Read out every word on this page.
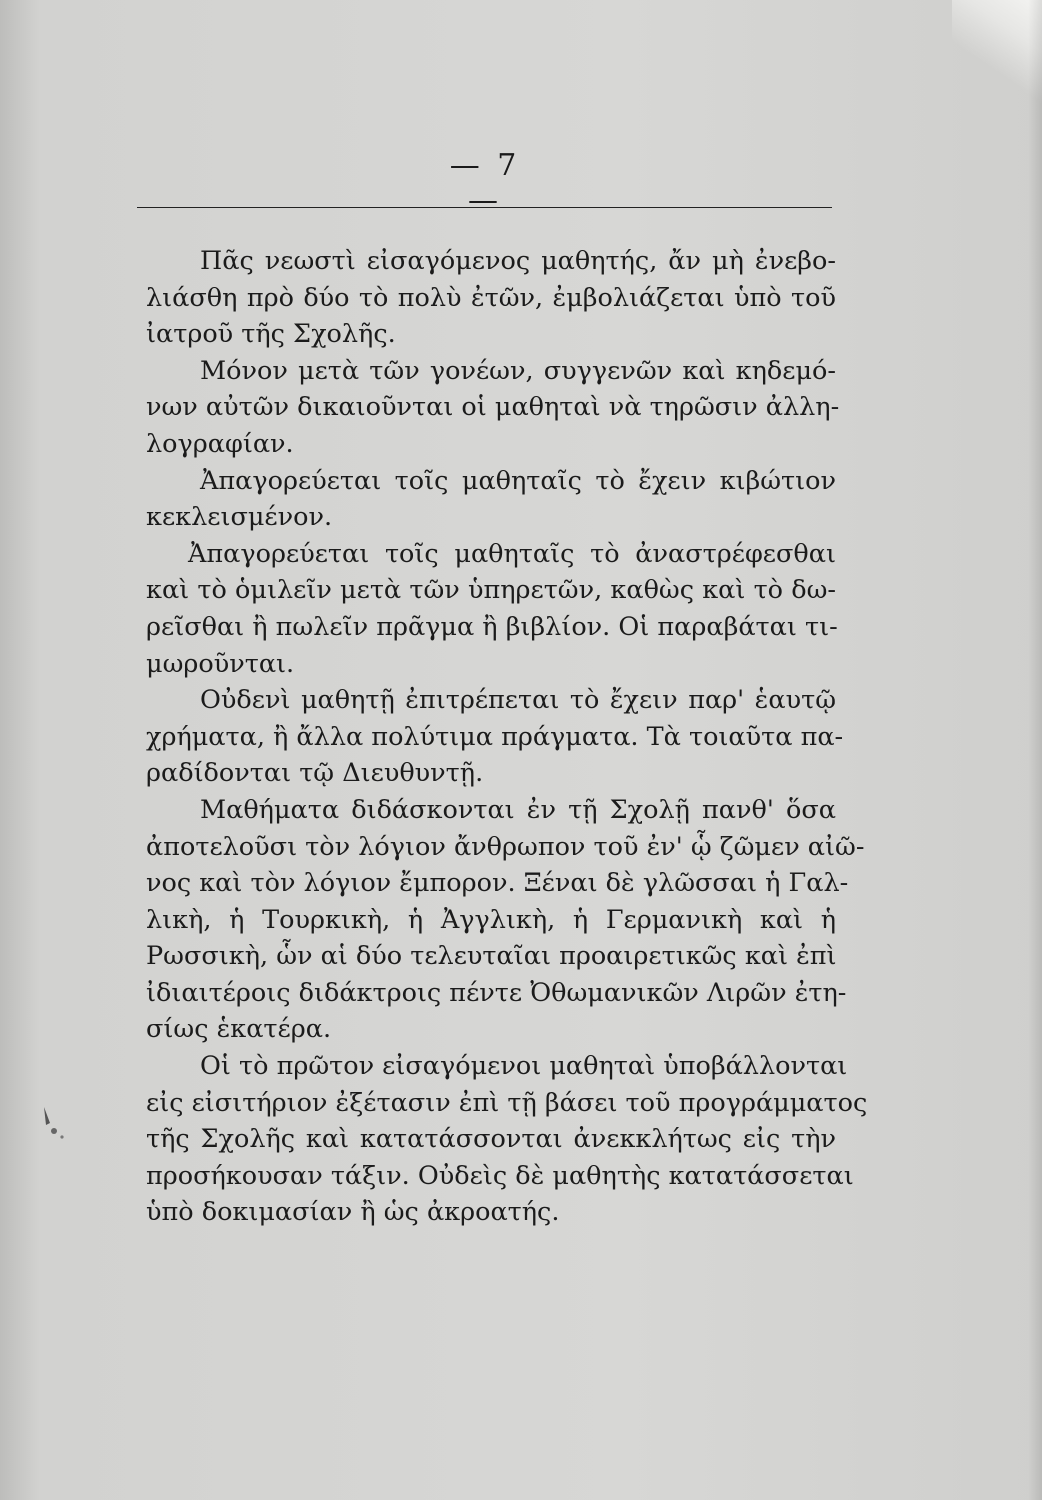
— 7 —
Πᾶς νεωστὶ εἰσαγόμενος μαθητής, ἄν μὴ ἐνεβο-
λιάσθη πρὸ δύο τὸ πολὺ ἐτῶν, ἐμβολιάζεται ὑπὸ τοῦ
ἰατροῦ τῆς Σχολῆς.
Μόνον μετὰ τῶν γονέων, συγγενῶν καὶ κηδεμό-
νων αὐτῶν δικαιοῦνται οἱ μαθηταὶ νὰ τηρῶσιν ἀλλη-
λογραφίαν.
Ἀπαγορεύεται τοῖς μαθηταῖς τὸ ἔχειν κιβώτιον
κεκλεισμένον.
Ἀπαγορεύεται τοῖς μαθηταῖς τὸ ἀναστρέφεσθαι
καὶ τὸ ὁμιλεῖν μετὰ τῶν ὑπηρετῶν, καθὼς καὶ τὸ δω-
ρεῖσθαι ἢ πωλεῖν πρᾶγμα ἢ βιβλίον. Οἱ παραβάται τι-
μωροῦνται.
Οὐδενὶ μαθητῇ ἐπιτρέπεται τὸ ἔχειν παρ' ἑαυτῷ
χρήματα, ἢ ἄλλα πολύτιμα πράγματα. Τὰ τοιαῦτα πα-
ραδίδονται τῷ Διευθυντῇ.
Μαθήματα διδάσκονται ἐν τῇ Σχολῇ πανθ' ὅσα
ἀποτελοῦσι τὸν λόγιον ἄνθρωπον τοῦ ἐν' ᾧ ζῶμεν αἰῶ-
νος καὶ τὸν λόγιον ἔμπορον. Ξέναι δὲ γλῶσσαι ἡ Γαλ-
λικὴ, ἡ Τουρκικὴ, ἡ Ἀγγλικὴ, ἡ Γερμανικὴ καὶ ἡ
Ρωσσικὴ, ὧν αἱ δύο τελευταῖαι προαιρετικῶς καὶ ἐπὶ
ἰδιαιτέροις διδάκτροις πέντε Ὀθωμανικῶν Λιρῶν ἐτη-
σίως ἑκατέρα.
Οἱ τὸ πρῶτον εἰσαγόμενοι μαθηταὶ ὑποβάλλονται
εἰς εἰσιτήριον ἐξέτασιν ἐπὶ τῇ βάσει τοῦ προγράμματος
τῆς Σχολῆς καὶ κατατάσσονται ἀνεκκλήτως εἰς τὴν
προσήκουσαν τάξιν. Οὐδεὶς δὲ μαθητὴς κατατάσσεται
ὑπὸ δοκιμασίαν ἢ ὡς ἀκροατής.
